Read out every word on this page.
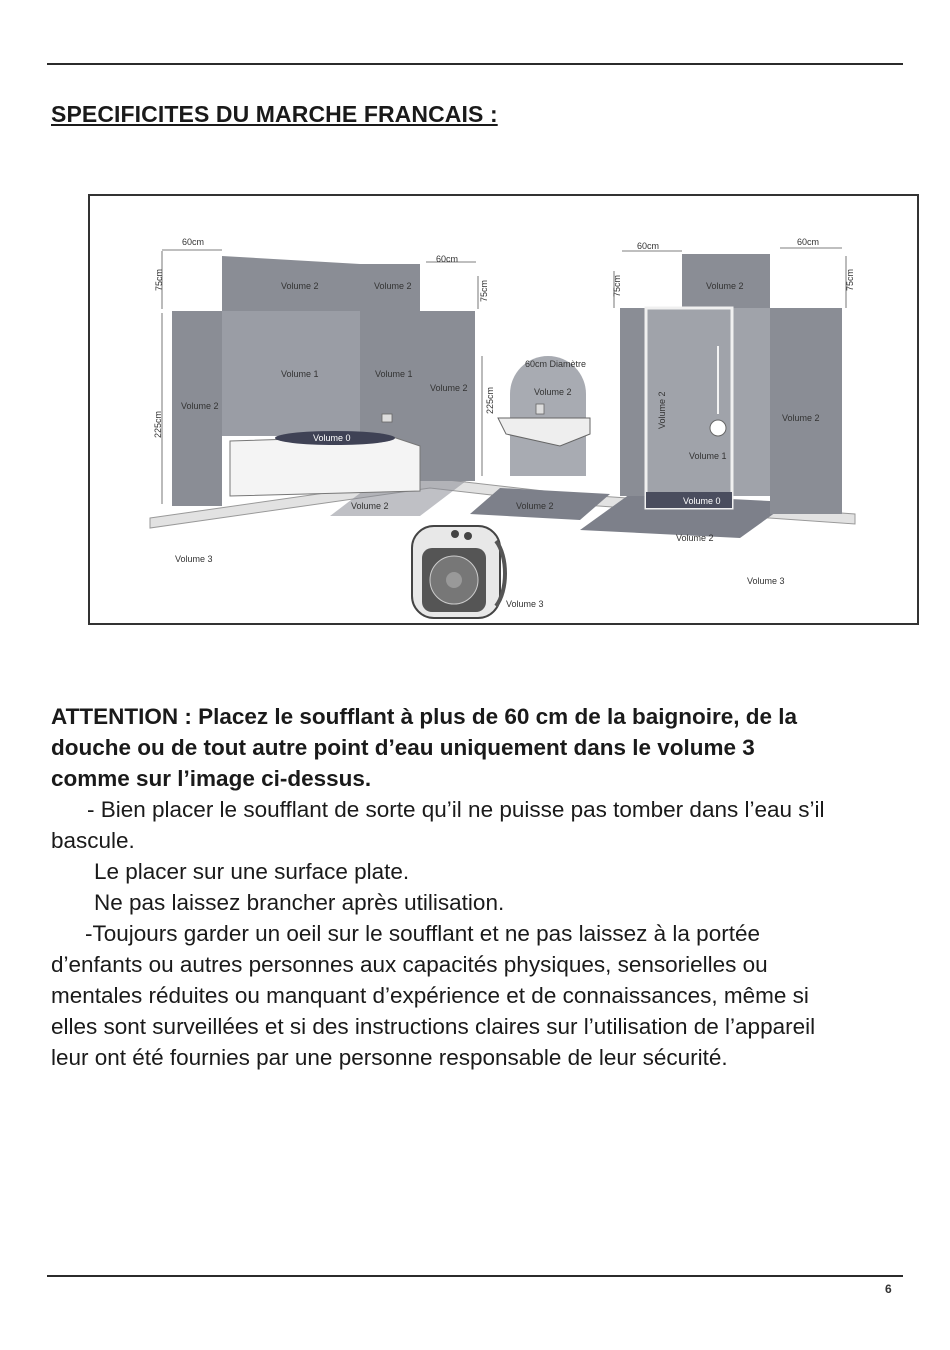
SPECIFICITES DU MARCHE FRANCAIS :
60cm
60cm
60cm	60cm
75cm	75cm	75cm	75cm
225cm
225cm
60cm Diamètre
Volume 2	Volume 2
Volume 1	Volume 1
Volume 2
Volume 2
Volume 0
Volume 2
Volume 3
Volume 2
Volume 2
Volume 3
Volume 2
Volume 2
Volume 1
Volume 0
Volume 2
Volume 2
Volume 3

ATTENTION : Placez le soufflant à plus de 60 cm de la baignoire, de la

douche ou de tout autre point d’eau uniquement dans le volume 3

comme sur l’image ci-dessus.

- Bien placer le soufflant de sorte qu’il ne puisse pas tomber dans l’eau s’il

bascule.

Le placer sur une surface plate.

Ne pas laissez brancher après utilisation.

-Toujours garder un oeil sur le soufflant et ne pas laissez à la portée

d’enfants ou autres personnes aux capacités physiques, sensorielles ou

mentales réduites ou manquant d’expérience et de connaissances, même si

elles sont surveillées et si des instructions claires sur l’utilisation de l’appareil

leur ont été fournies par une personne responsable de leur sécurité.

6
